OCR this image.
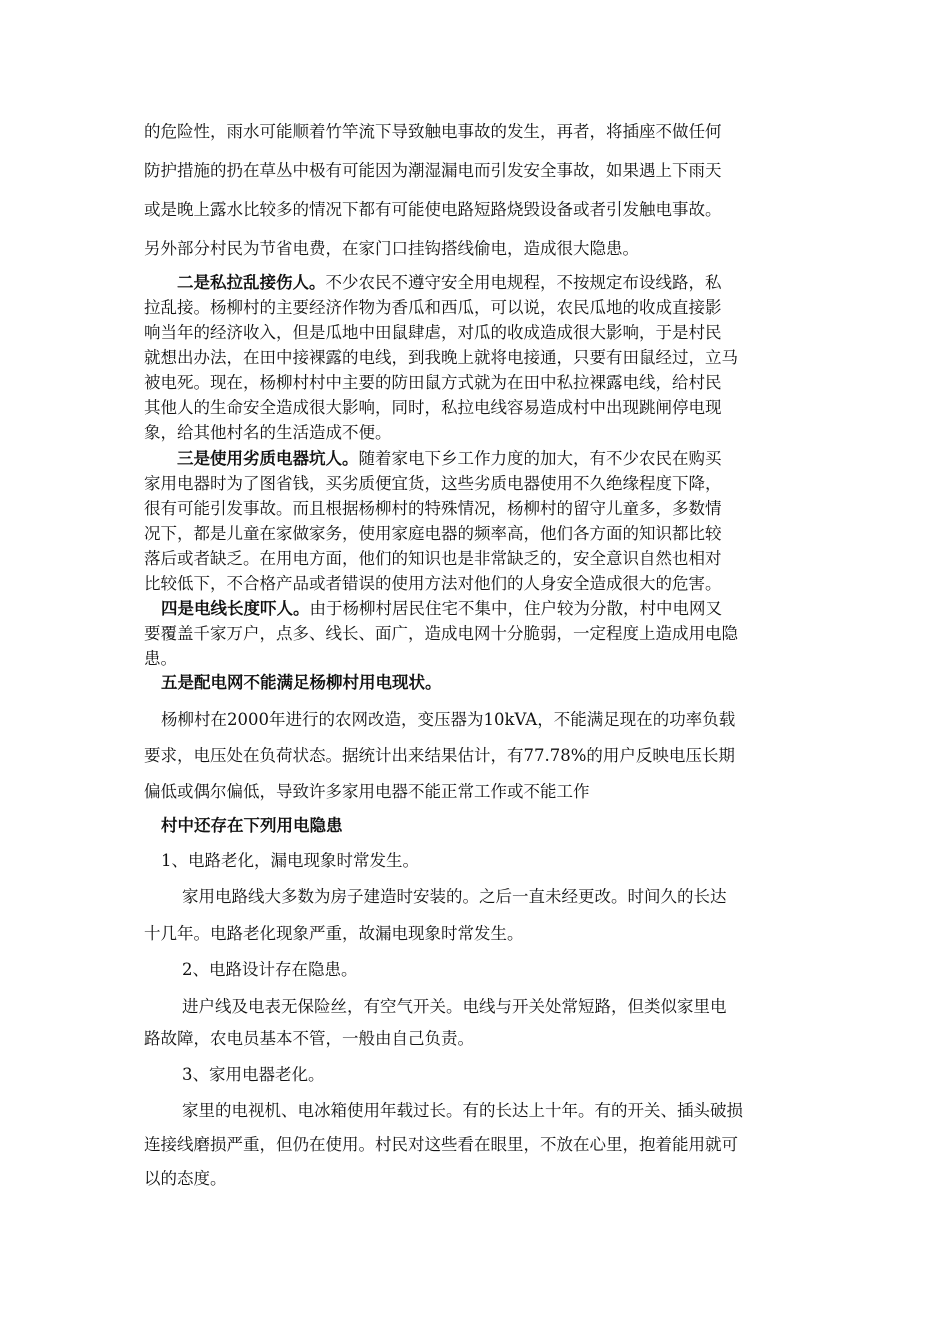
的危险性，雨水可能顺着竹竿流下导致触电事故的发生，再者，将插座不做任何
防护措施的扔在草丛中极有可能因为潮湿漏电而引发安全事故，如果遇上下雨天
或是晚上露水比较多的情况下都有可能使电路短路烧毁设备或者引发触电事故。
另外部分村民为节省电费，在家门口挂钩搭线偷电，造成很大隐患。
二是私拉乱接伤人。不少农民不遵守安全用电规程，不按规定布设线路，私
拉乱接。杨柳村的主要经济作物为香瓜和西瓜，可以说，农民瓜地的收成直接影
响当年的经济收入，但是瓜地中田鼠肆虐，对瓜的收成造成很大影响，于是村民
就想出办法，在田中接裸露的电线，到我晚上就将电接通，只要有田鼠经过，立马
被电死。现在，杨柳村村中主要的防田鼠方式就为在田中私拉裸露电线，给村民
其他人的生命安全造成很大影响，同时，私拉电线容易造成村中出现跳闸停电现
象，给其他村名的生活造成不便。
三是使用劣质电器坑人。随着家电下乡工作力度的加大，有不少农民在购买
家用电器时为了图省钱，买劣质便宜货，这些劣质电器使用不久绝缘程度下降，
很有可能引发事故。而且根据杨柳村的特殊情况，杨柳村的留守儿童多，多数情
况下，都是儿童在家做家务，使用家庭电器的频率高，他们各方面的知识都比较
落后或者缺乏。在用电方面，他们的知识也是非常缺乏的，安全意识自然也相对
比较低下，不合格产品或者错误的使用方法对他们的人身安全造成很大的危害。
四是电线长度吓人。由于杨柳村居民住宅不集中，住户较为分散，村中电网又
要覆盖千家万户，点多、线长、面广，造成电网十分脆弱，一定程度上造成用电隐
患。
五是配电网不能满足杨柳村用电现状。
杨柳村在2000年进行的农网改造，变压器为10kVA，不能满足现在的功率负载
要求，电压处在负荷状态。据统计出来结果估计，有77.78%的用户反映电压长期
偏低或偶尔偏低，导致许多家用电器不能正常工作或不能工作
村中还存在下列用电隐患
1、电路老化，漏电现象时常发生。
家用电路线大多数为房子建造时安装的。之后一直未经更改。时间久的长达
十几年。电路老化现象严重，故漏电现象时常发生。
2、电路设计存在隐患。
进户线及电表无保险丝，有空气开关。电线与开关处常短路，但类似家里电
路故障，农电员基本不管，一般由自己负责。
3、家用电器老化。
家里的电视机、电冰箱使用年载过长。有的长达上十年。有的开关、插头破损
连接线磨损严重，但仍在使用。村民对这些看在眼里，不放在心里，抱着能用就可
以的态度。
